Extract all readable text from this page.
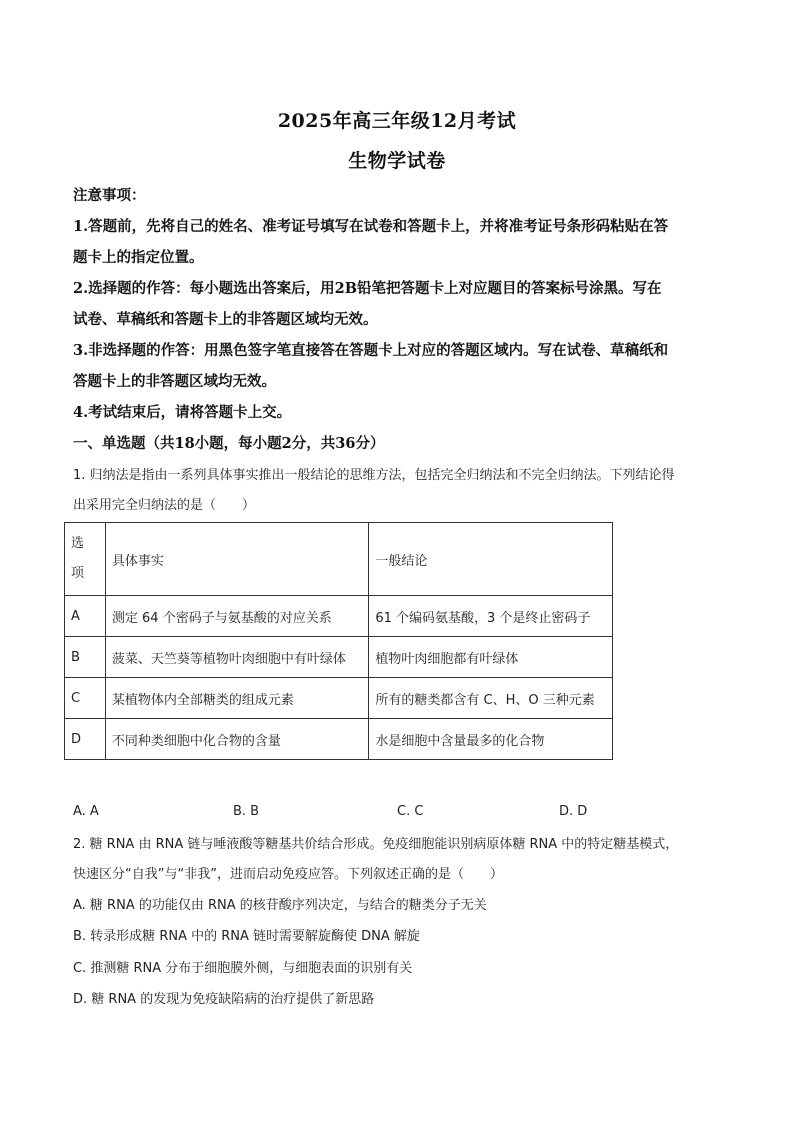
2025年高三年级12月考试
生物学试卷
注意事项：
1.答题前，先将自己的姓名、准考证号填写在试卷和答题卡上，并将准考证号条形码粘贴在答
题卡上的指定位置。
2.选择题的作答：每小题选出答案后，用2B铅笔把答题卡上对应题目的答案标号涂黑。写在
试卷、草稿纸和答题卡上的非答题区域均无效。
3.非选择题的作答：用黑色签字笔直接答在答题卡上对应的答题区域内。写在试卷、草稿纸和
答题卡上的非答题区域均无效。
4.考试结束后，请将答题卡上交。
一、单选题（共18小题，每小题2分，共36分）
1. 归纳法是指由一系列具体事实推出一般结论的思维方法，包括完全归纳法和不完全归纳法。下列结论得
出采用完全归纳法的是（　　）
选
项	具体事实	一般结论
A	测定 64 个密码子与氨基酸的对应关系	61 个编码氨基酸，3 个是终止密码子
B	菠菜、天竺葵等植物叶肉细胞中有叶绿体	植物叶肉细胞都有叶绿体
C	某植物体内全部糖类的组成元素	所有的糖类都含有 C、H、O 三种元素
D	不同种类细胞中化合物的含量	水是细胞中含量最多的化合物
A. A	B. B	C. C	D. D
2. 糖 RNA 由 RNA 链与唾液酸等糖基共价结合形成。免疫细胞能识别病原体糖 RNA 中的特定糖基模式，
快速区分“自我”与“非我”，进而启动免疫应答。下列叙述正确的是（　　）
A. 糖 RNA 的功能仅由 RNA 的核苷酸序列决定，与结合的糖类分子无关
B. 转录形成糖 RNA 中的 RNA 链时需要解旋酶使 DNA 解旋
C. 推测糖 RNA 分布于细胞膜外侧，与细胞表面的识别有关
D. 糖 RNA 的发现为免疫缺陷病的治疗提供了新思路
